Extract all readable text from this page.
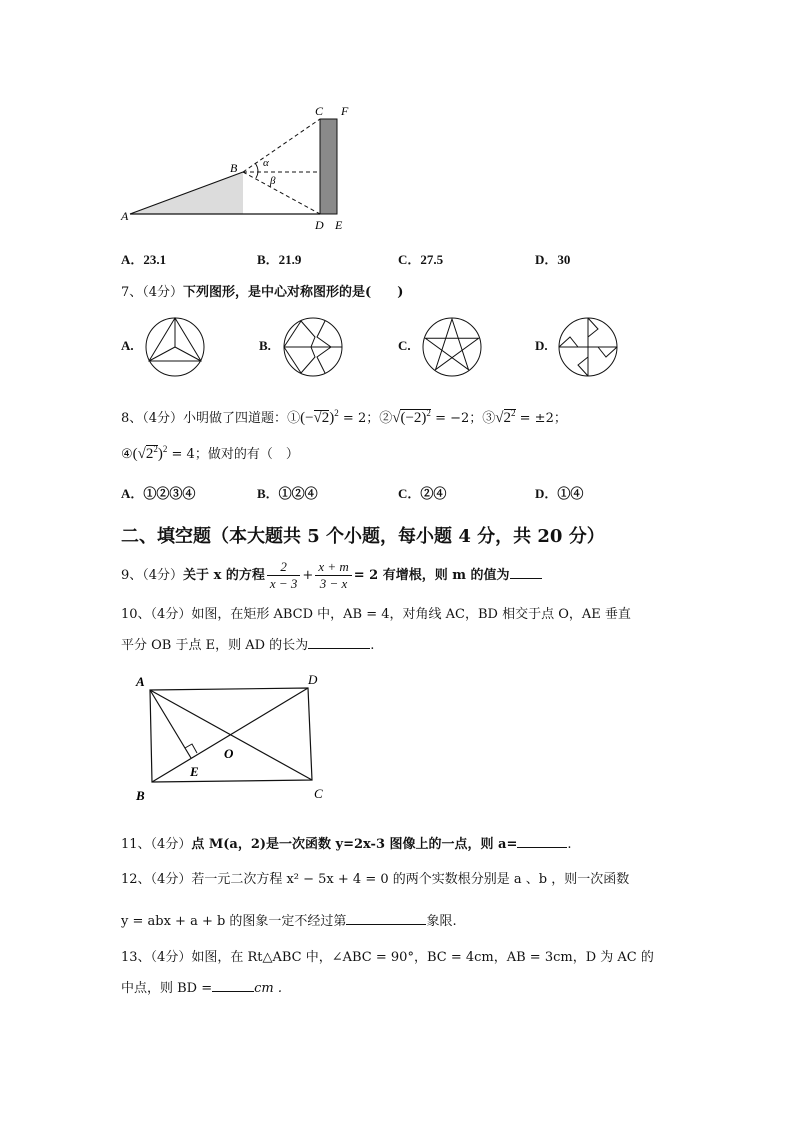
A
B
C F
D E
α
β
A．23.1	B．21.9	C．27.5	D．30
7、（4分）下列图形，是中心对称图形的是(　　)
A.	B.	C.	D.
8、（4分）小明做了四道题：$①(-√2)^2 = 2$；$②√(-2)^2 = -2$；$③√2^2 = \pm 2$；
$④(√2^2)^2 = 4$；做对的有（　）
A．①②③④	B．①②④	C．②④	D．①④
二、填空题（本大题共 5 个小题，每小题 4 分，共 20 分）
9、（4分）关于 x 的方程 $\frac{2}{x - 3} + \frac{x + m}{3 - x} = 2$ 有增根，则 m 的值为
10、（4分）如图，在矩形 ABCD 中，AB = 4，对角线 AC，BD 相交于点 O，AE 垂直
平分 OB 于点 E，则 AD 的长为	.
A	D
B	C
E
O
11、（4分）点 M(a，2)是一次函数 y=2x-3 图像上的一点，则 a=	.
12、（4分）若一元二次方程 x² − 5x + 4 = 0 的两个实数根分别是 a 、b ，则一次函数
y = abx + a + b 的图象一定不经过第	象限.
13、（4分）如图，在 Rt△ABC 中，∠ABC = 90°，BC = 4cm，AB = 3cm，D 为 AC 的
中点，则 BD =	cm .
